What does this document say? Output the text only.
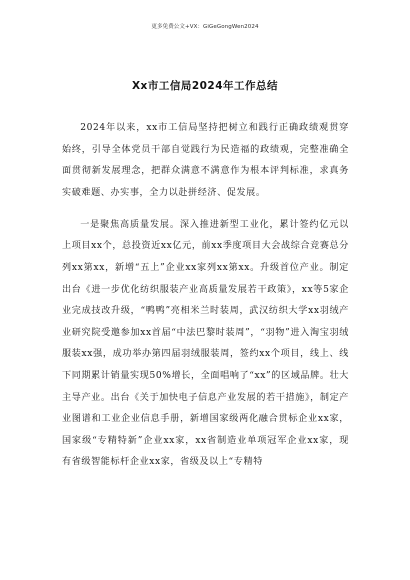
更多免费公文+VX：GiGeGongWen2024
Xx市工信局2024年工作总结

2024年以来，xx市工信局坚持把树立和践行正确政绩观贯穿始终，引导全体党员干部自觉践行为民造福的政绩观，完整准确全面贯彻新发展理念，把群众满意不满意作为根本评判标准，求真务实破难题、办实事，全力以赴拼经济、促发展。

一是聚焦高质量发展。深入推进新型工业化，累计签约亿元以上项目xx个，总投资近xx亿元，前xx季度项目大会战综合竞赛总分列xx第xx，新增“五上”企业xx家列xx第xx。升级首位产业。制定出台《进一步优化纺织服装产业高质量发展若干政策》，xx等5家企业完成技改升级，“鸭鸭”亮相米兰时装周，武汉纺织大学xx羽绒产业研究院受邀参加xx首届“中法巴黎时装周”，“羽物”进入淘宝羽绒服装xx强，成功举办第四届羽绒服装周，签约xx个项目，线上、线下同期累计销量实现50%增长，全面唱响了“xx”的区域品牌。壮大主导产业。出台《关于加快电子信息产业发展的若干措施》，制定产业图谱和工业企业信息手册，新增国家级两化融合贯标企业xx家，国家级“专精特新”企业xx家，xx省制造业单项冠军企业xx家，现有省级智能标杆企业xx家，省级及以上“专精特
